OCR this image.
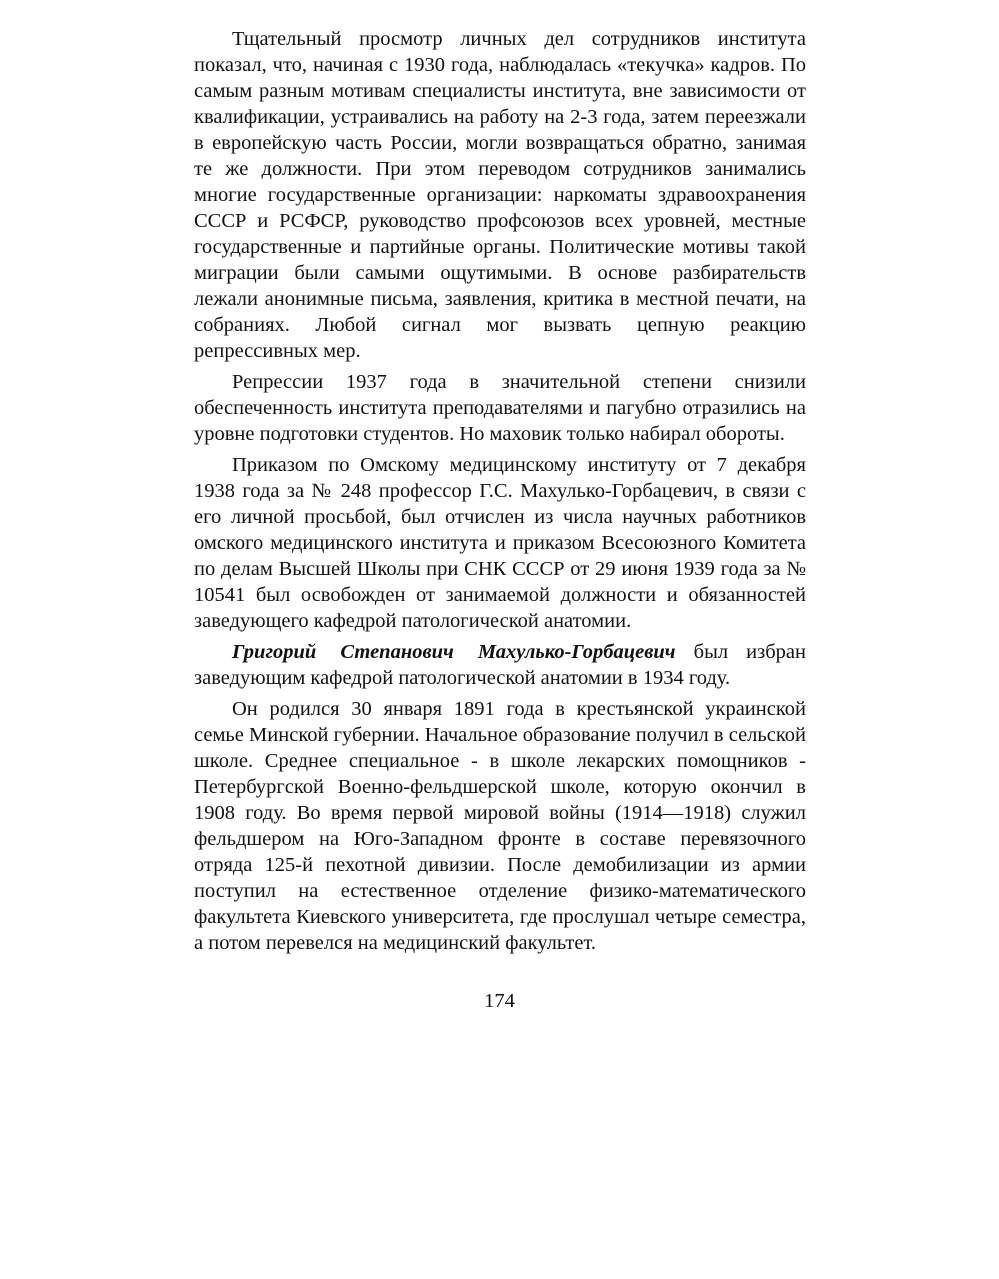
Тщательный просмотр личных дел сотрудников института показал, что, начиная с 1930 года, наблюдалась «текучка» кадров. По самым разным мотивам специалисты института, вне зависимости от квалификации, устраивались на работу на 2-3 года, затем переезжали в европейскую часть России, могли возвращаться обратно, занимая те же должности. При этом переводом сотрудников занимались многие государственные организации: наркоматы здравоохранения СССР и РСФСР, руководство профсоюзов всех уровней, местные государственные и партийные органы. Политические мотивы такой миграции были самыми ощутимыми. В основе разбирательств лежали анонимные письма, заявления, критика в местной печати, на собраниях. Любой сигнал мог вызвать цепную реакцию репрессивных мер.

Репрессии 1937 года в значительной степени снизили обеспеченность института преподавателями и пагубно отразились на уровне подготовки студентов. Но маховик только набирал обороты.

Приказом по Омскому медицинскому институту от 7 декабря 1938 года за № 248 профессор Г.С. Махулько-Горбацевич, в связи с его личной просьбой, был отчислен из числа научных работников омского медицинского института и приказом Всесоюзного Комитета по делам Высшей Школы при СНК СССР от 29 июня 1939 года за № 10541 был освобожден от занимаемой должности и обязанностей заведующего кафедрой патологической анатомии.

Григорий Степанович Махулько-Горбацевич был избран заведующим кафедрой патологической анатомии в 1934 году.

Он родился 30 января 1891 года в крестьянской украинской семье Минской губернии. Начальное образование получил в сельской школе. Среднее специальное - в школе лекарских помощников - Петербургской Военно-фельдшерской школе, которую окончил в 1908 году. Во время первой мировой войны (1914—1918) служил фельдшером на Юго-Западном фронте в составе перевязочного отряда 125-й пехотной дивизии. После демобилизации из армии поступил на естественное отделение физико-математического факультета Киевского университета, где прослушал четыре семестра, а потом перевелся на медицинский факультет.

174
